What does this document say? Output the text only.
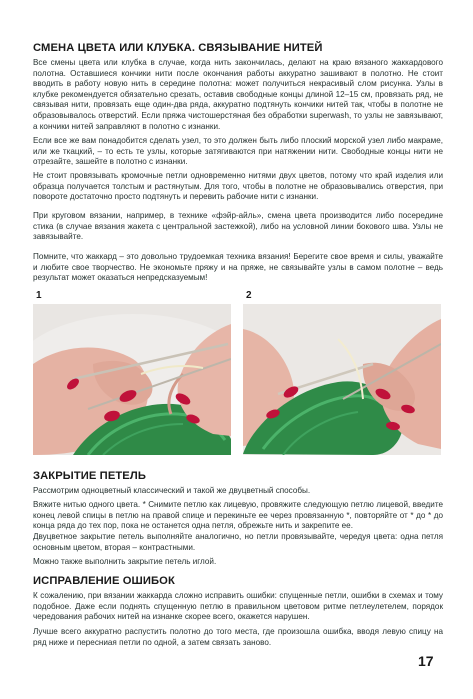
СМЕНА ЦВЕТА ИЛИ КЛУБКА. СВЯЗЫВАНИЕ НИТЕЙ

Все смены цвета или клубка в случае, когда нить закончилась, делают на краю вязаного жаккардового полотна. Оставшиеся кончики нити после окончания работы аккуратно зашивают в полотно. Не стоит вводить в работу новую нить в середине полотна: может получиться некрасивый слом рисунка. Узлы в клубке рекомендуется обязательно срезать, оставив свободные концы длиной 12–15 см, провязать ряд, не связывая нити, провязать еще один-два ряда, аккуратно подтянуть кончики нитей так, чтобы в полотне не образовывалось отверстий. Если пряжа чистошерстяная без обработки superwash, то узлы не завязывают, а кончики нитей заправляют в полотно с изнанки.

Если все же вам понадобится сделать узел, то это должен быть либо плоский морской узел либо макраме, или же ткацкий, – то есть те узлы, которые затягиваются при натяжении нити. Свободные концы нити не отрезайте, зашейте в полотно с изнанки.

Не стоит провязывать кромочные петли одновременно нитями двух цветов, потому что край изделия или образца получается толстым и растянутым. Для того, чтобы в полотне не образовывались отверстия, при повороте достаточно просто подтянуть и перевить рабочие нити с изнанки.

При круговом вязании, например, в технике «фэйр-айль», смена цвета производится либо посередине стика (в случае вязания жакета с центральной застежкой), либо на условной линии бокового шва. Узлы не завязывайте.

Помните, что жаккард – это довольно трудоемкая техника вязания! Берегите свое время и силы, уважайте и любите свое творчество. Не экономьте пряжу и на пряже, не связывайте узлы в самом полотне – ведь результат может оказаться непредсказуемым!

1	2
ЗАКРЫТИЕ ПЕТЕЛЬ

Рассмотрим одноцветный классический и такой же двуцветный способы.

Вяжите нитью одного цвета. * Снимите петлю как лицевую, провяжите следующую петлю лицевой, введите конец левой спицы в петлю на правой спице и перекиньте ее через провязанную *, повторяйте от * до * до конца ряда до тех пор, пока не останется одна петля, обрежьте нить и закрепите ее.

Двуцветное закрытие петель выполняйте аналогично, но петли провязывайте, чередуя цвета: одна петля основным цветом, вторая – контрастными.

Можно также выполнить закрытие петель иглой.

ИСПРАВЛЕНИЕ ОШИБОК

К сожалению, при вязании жаккарда сложно исправить ошибки: спущенные петли, ошибки в схемах и тому подобное. Даже если поднять спущенную петлю в правильном цветовом ритме петлеулетелем, порядок чередования рабочих нитей на изнанке скорее всего, окажется нарушен.

Лучше всего аккуратно распустить полотно до того места, где произошла ошибка, вводя левую спицу на ряд ниже и пересниая петли по одной, а затем связать заново.

17
